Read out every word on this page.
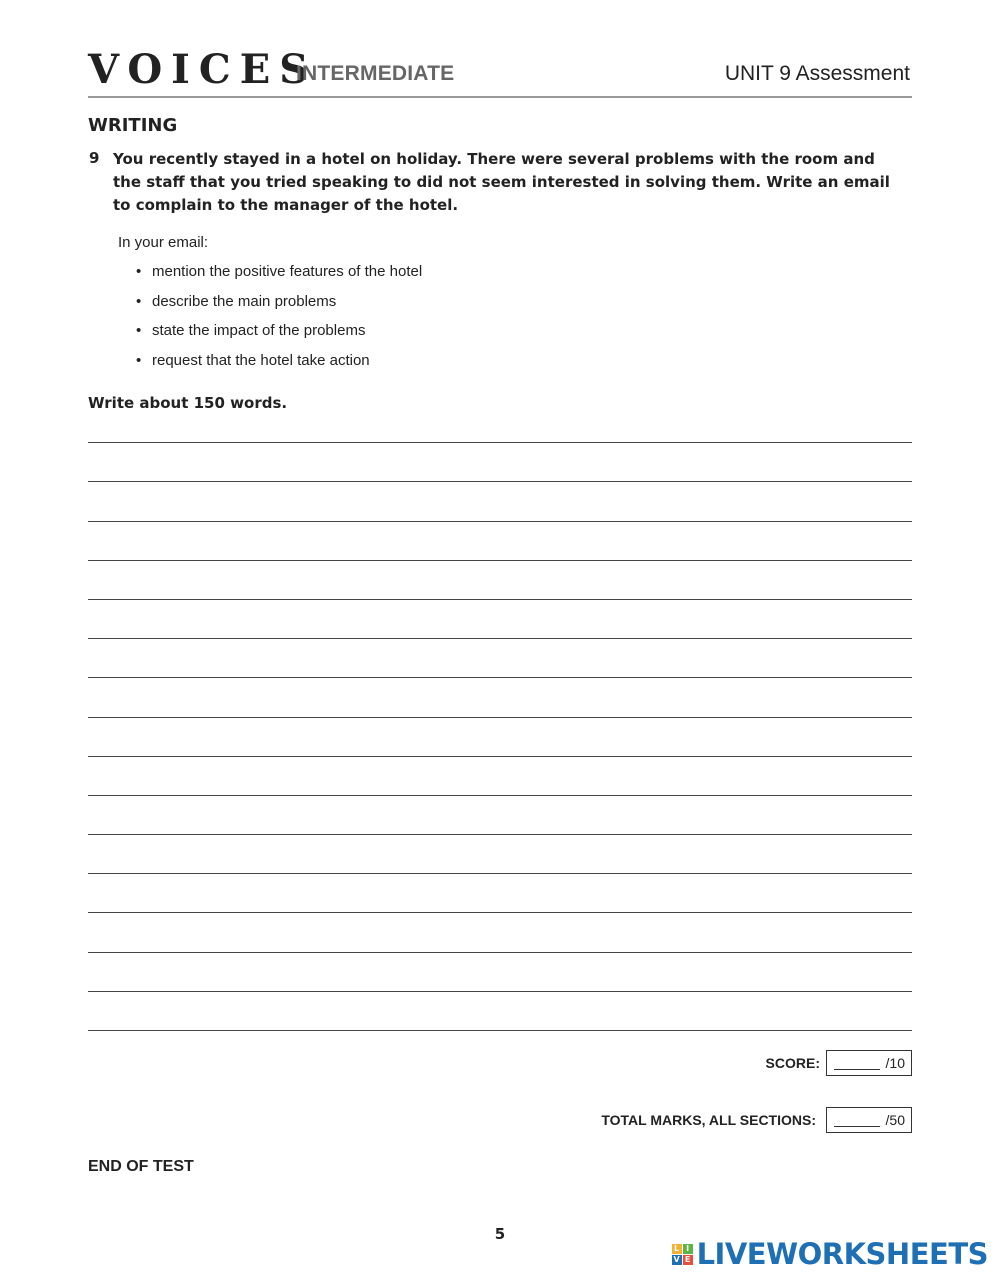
VOICES
INTERMEDIATE	UNIT 9 Assessment
WRITING
9 You recently stayed in a hotel on holiday. There were several problems with the room and the staff that you tried speaking to did not seem interested in solving them. Write an email to complain to the manager of the hotel.
In your email:
• mention the positive features of the hotel
• describe the main problems
• state the impact of the problems
• request that the hotel take action
Write about 150 words.
SCORE:	/10
TOTAL MARKS, ALL SECTIONS:	/50
END OF TEST
5
L I
V E LIVEWORKSHEETS
